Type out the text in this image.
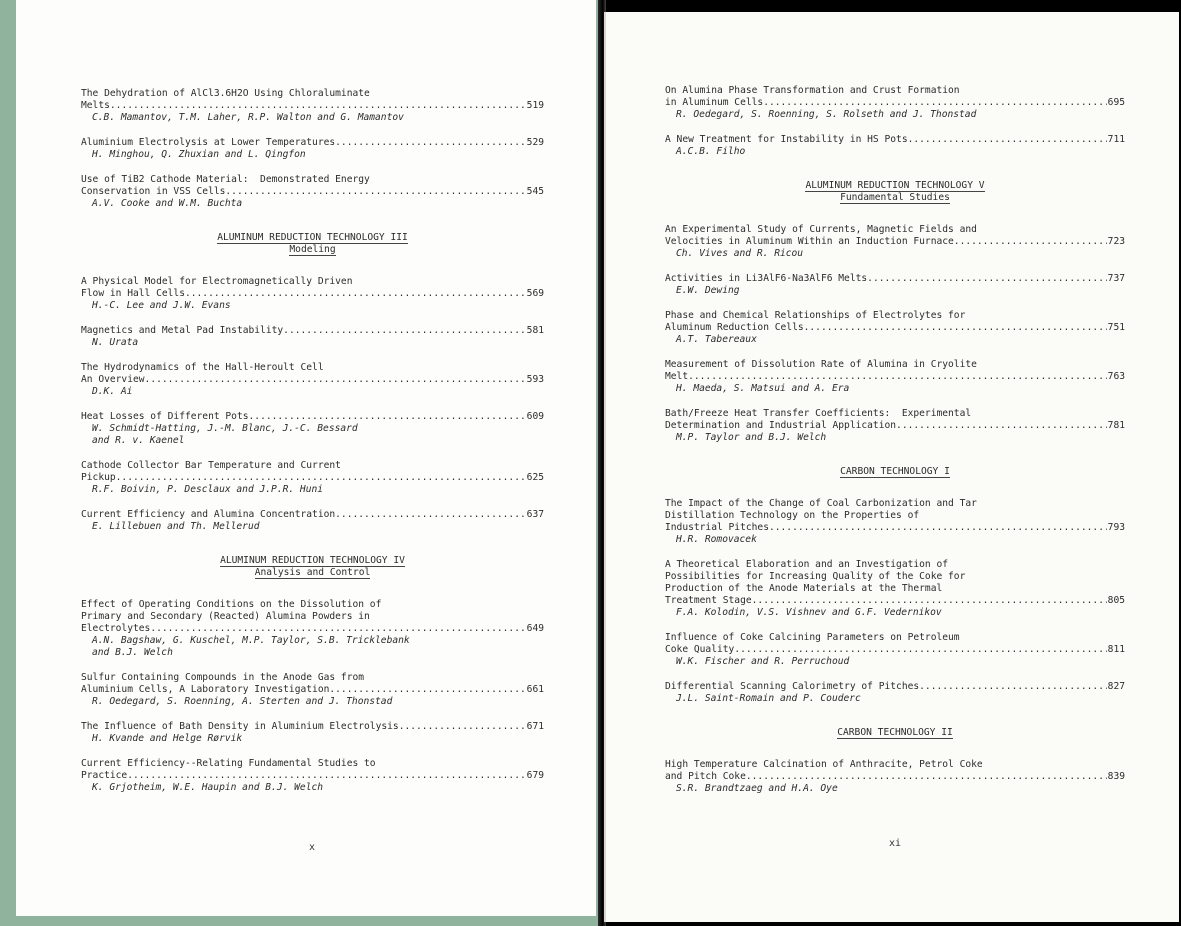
The Dehydration of AlCl3.6H2O Using Chloraluminate
Melts .....	519
C.B. Mamantov, T.M. Laher, R.P. Walton and G. Mamantov
Aluminium Electrolysis at Lower Temperatures .....	529
H. Minghou, Q. Zhuxian and L. Qingfon
Use of TiB2 Cathode Material:  Demonstrated Energy
Conservation in VSS Cells .....	545
A.V. Cooke and W.M. Buchta
ALUMINUM REDUCTION TECHNOLOGY III
Modeling
A Physical Model for Electromagnetically Driven
Flow in Hall Cells .....	569
H.-C. Lee and J.W. Evans
Magnetics and Metal Pad Instability .....	581
N. Urata
The Hydrodynamics of the Hall-Heroult Cell
An Overview .....	593
D.K. Ai
Heat Losses of Different Pots .....	609
W. Schmidt-Hatting, J.-M. Blanc, J.-C. Bessard
and R. v. Kaenel
Cathode Collector Bar Temperature and Current
Pickup .....	625
R.F. Boivin, P. Desclaux and J.P.R. Huni
Current Efficiency and Alumina Concentration .....	637
E. Lillebuen and Th. Mellerud
ALUMINUM REDUCTION TECHNOLOGY IV
Analysis and Control
Effect of Operating Conditions on the Dissolution of
Primary and Secondary (Reacted) Alumina Powders in
Electrolytes .....	649
A.N. Bagshaw, G. Kuschel, M.P. Taylor, S.B. Tricklebank
and B.J. Welch
Sulfur Containing Compounds in the Anode Gas from
Aluminium Cells, A Laboratory Investigation .....	661
R. Oedegard, S. Roenning, A. Sterten and J. Thonstad
The Influence of Bath Density in Aluminium Electrolysis .....	671
H. Kvande and Helge Rørvik
Current Efficiency--Relating Fundamental Studies to
Practice .....	679
K. Grjotheim, W.E. Haupin and B.J. Welch
On Alumina Phase Transformation and Crust Formation
in Aluminum Cells .....	695
R. Oedegard, S. Roenning, S. Rolseth and J. Thonstad
A New Treatment for Instability in HS Pots .....	711
A.C.B. Filho
ALUMINUM REDUCTION TECHNOLOGY V
Fundamental Studies
An Experimental Study of Currents, Magnetic Fields and
Velocities in Aluminum Within an Induction Furnace .....	723
Ch. Vives and R. Ricou
Activities in Li3AlF6-Na3AlF6 Melts .....	737
E.W. Dewing
Phase and Chemical Relationships of Electrolytes for
Aluminum Reduction Cells .....	751
A.T. Tabereaux
Measurement of Dissolution Rate of Alumina in Cryolite
Melt .....	763
H. Maeda, S. Matsui and A. Era
Bath/Freeze Heat Transfer Coefficients:  Experimental
Determination and Industrial Application .....	781
M.P. Taylor and B.J. Welch
CARBON TECHNOLOGY I
The Impact of the Change of Coal Carbonization and Tar
Distillation Technology on the Properties of
Industrial Pitches .....	793
H.R. Romovacek
A Theoretical Elaboration and an Investigation of
Possibilities for Increasing Quality of the Coke for
Production of the Anode Materials at the Thermal
Treatment Stage .....	805
F.A. Kolodin, V.S. Vishnev and G.F. Vedernikov
Influence of Coke Calcining Parameters on Petroleum
Coke Quality .....	811
W.K. Fischer and R. Perruchoud
Differential Scanning Calorimetry of Pitches .....	827
J.L. Saint-Romain and P. Couderc
CARBON TECHNOLOGY II
High Temperature Calcination of Anthracite, Petrol Coke
and Pitch Coke .....	839
S.R. Brandtzaeg and H.A. Oye
x	xi
